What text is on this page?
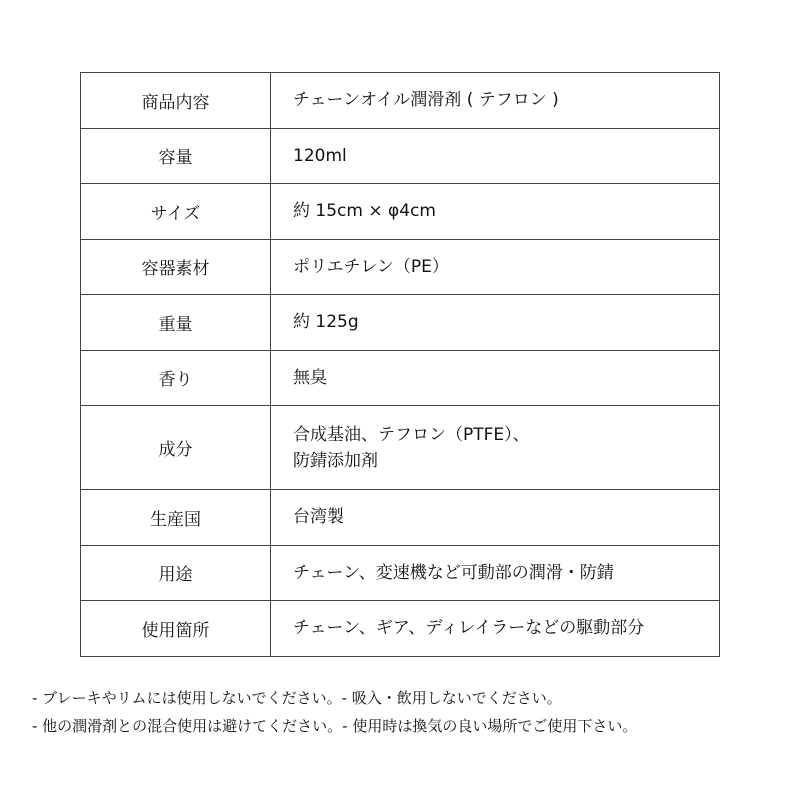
商品内容	チェーンオイル潤滑剤 ( テフロン )

容量	120ml

サイズ	約 15cm × φ4cm

容器素材	ポリエチレン（PE）

重量	約 125g

香り	無臭

成分	合成基油、テフロン（PTFE）、
防錆添加剤

生産国	台湾製

用途	チェーン、変速機など可動部の潤滑・防錆

使用箇所	チェーン、ギア、ディレイラーなどの駆動部分
- ブレーキやリムには使用しないでください。- 吸入・飲用しないでください。
- 他の潤滑剤との混合使用は避けてください。- 使用時は換気の良い場所でご使用下さい。
